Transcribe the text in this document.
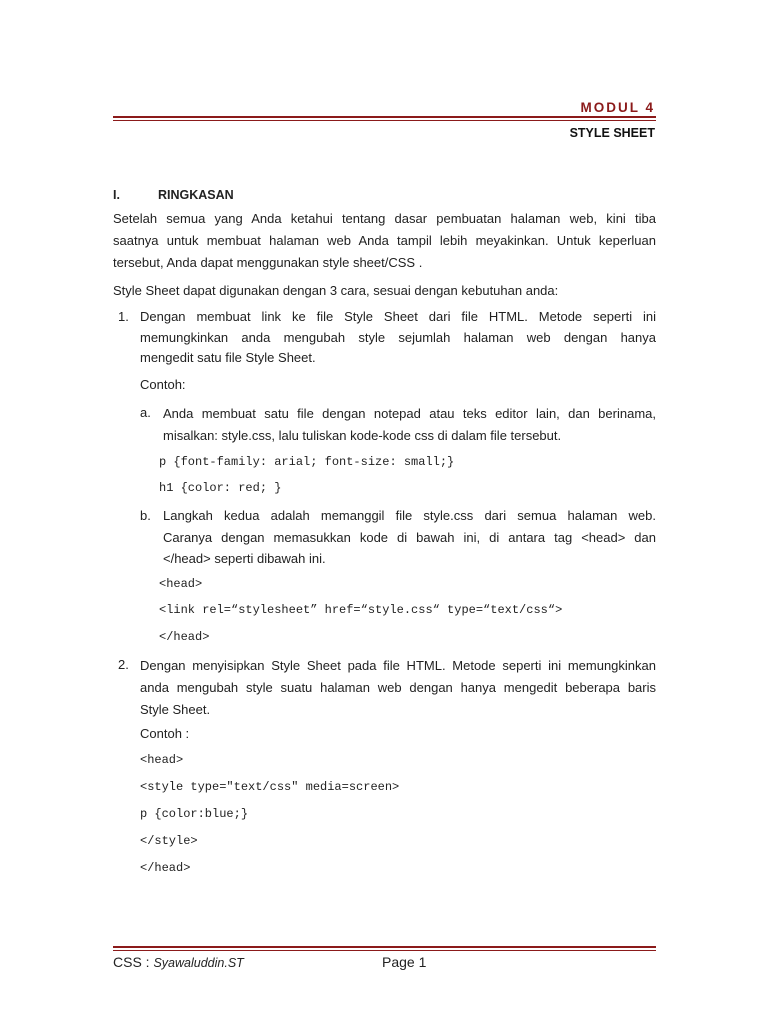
MODUL 4
STYLE SHEET
I.	RINGKASAN
Setelah semua yang Anda ketahui tentang dasar pembuatan halaman web, kini tiba
saatnya untuk membuat halaman web Anda tampil lebih meyakinkan. Untuk keperluan
tersebut, Anda dapat menggunakan style sheet/CSS .
Style Sheet dapat digunakan dengan 3 cara, sesuai dengan kebutuhan anda:
1. Dengan membuat link ke file Style Sheet dari file HTML. Metode seperti ini
memungkinkan anda mengubah style sejumlah halaman web dengan hanya
mengedit satu file Style Sheet.
Contoh:
a. Anda membuat satu file dengan notepad atau teks editor lain, dan berinama,
misalkan: style.css, lalu tuliskan kode-kode css di dalam file tersebut.
p {font-family: arial; font-size: small;}
h1 {color: red; }
b. Langkah kedua adalah memanggil file style.css dari semua halaman web.
Caranya dengan memasukkan kode di bawah ini, di antara tag <head> dan
</head> seperti dibawah ini.
<head>
<link rel=“stylesheet” href=“style.css“ type=“text/css“>
</head>
2. Dengan menyisipkan Style Sheet pada file HTML. Metode seperti ini memungkinkan
anda mengubah style suatu halaman web dengan hanya mengedit beberapa baris
Style Sheet.
Contoh :
<head>
<style type="text/css" media=screen>
p {color:blue;}
</style>
</head>
CSS : Syawaluddin.ST	Page 1
